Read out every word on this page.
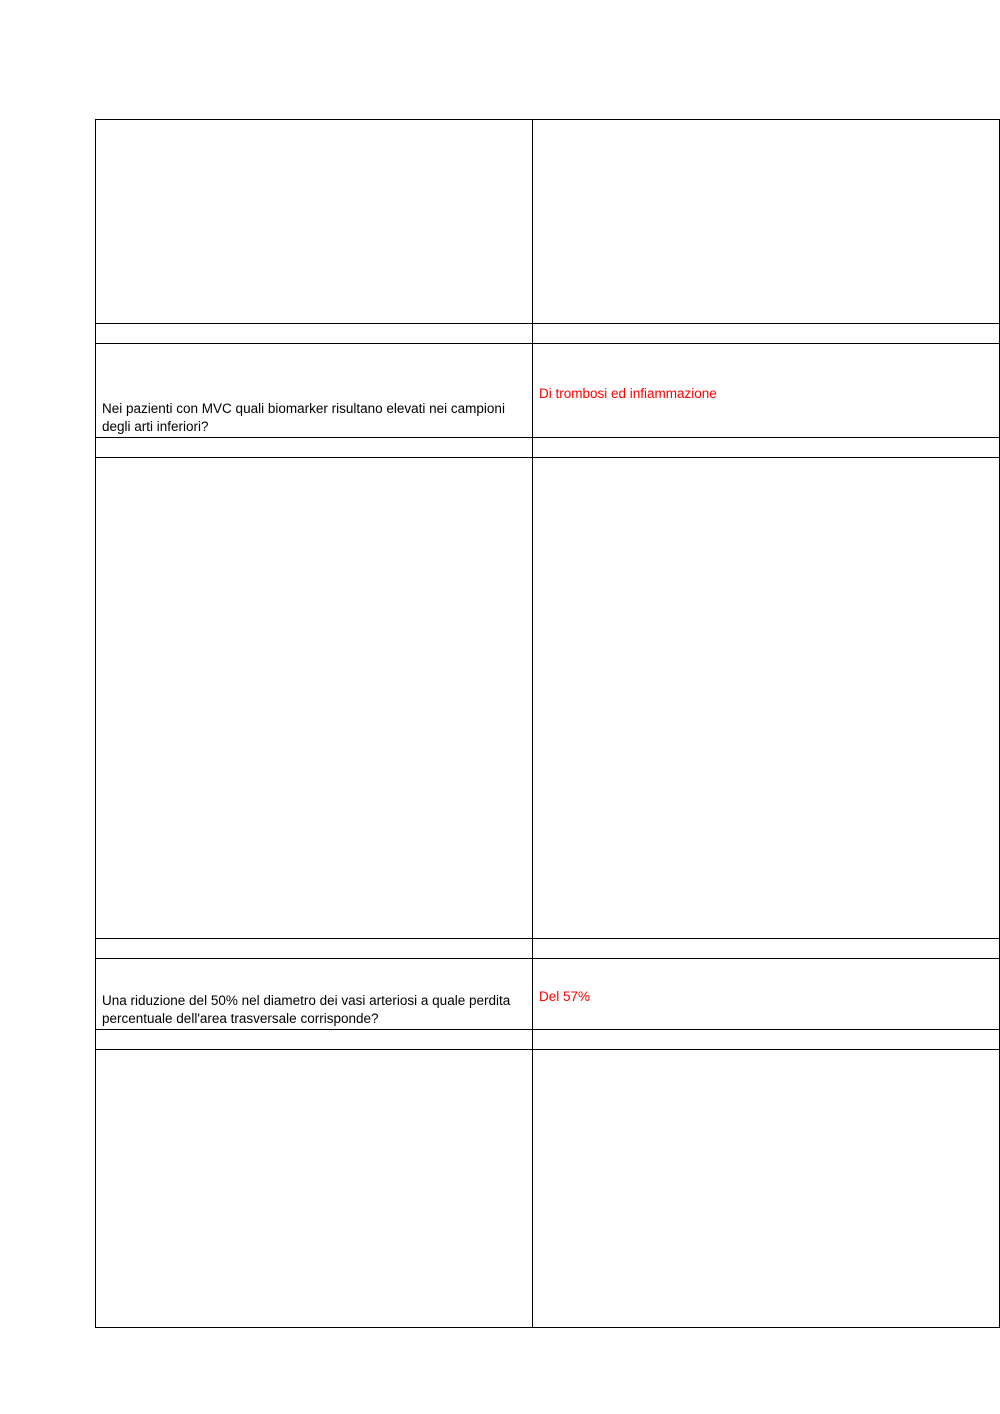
Nei pazienti con MVC quali biomarker risultano elevati nei campioni degli arti inferiori?	Di trombosi ed infiammazione

Una riduzione del 50% nel diametro dei vasi arteriosi a quale perdita percentuale dell'area trasversale corrisponde?	Del 57%
